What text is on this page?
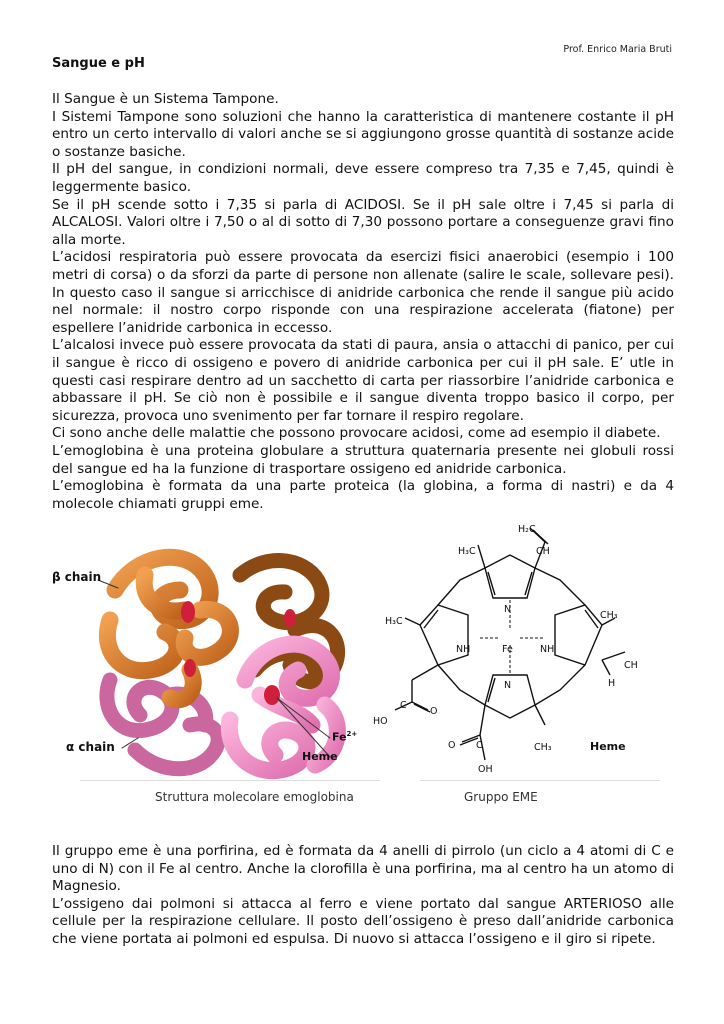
Prof. Enrico Maria Bruti
Sangue e pH

Il Sangue è un Sistema Tampone.

I Sistemi Tampone sono soluzioni che hanno la caratteristica di mantenere costante il pH entro un certo intervallo di valori anche se si aggiungono grosse quantità di sostanze acide o sostanze basiche.

Il pH del sangue, in condizioni normali, deve essere compreso tra 7,35 e 7,45, quindi è leggermente basico.

Se il pH scende sotto i 7,35 si parla di ACIDOSI. Se il pH sale oltre i 7,45 si parla di ALCALOSI. Valori oltre i 7,50 o al di sotto di 7,30 possono portare a conseguenze gravi fino alla morte.

L’acidosi respiratoria può essere provocata da esercizi fisici anaerobici (esempio i 100 metri di corsa) o da sforzi da parte di persone non allenate (salire le scale, sollevare pesi). In questo caso il sangue si arricchisce di anidride carbonica che rende il sangue più acido nel normale: il nostro corpo risponde con una respirazione accelerata (fiatone) per espellere l’anidride carbonica in eccesso.

L’alcalosi invece può essere provocata da stati di paura, ansia o attacchi di panico, per cui il sangue è ricco di ossigeno e povero di anidride carbonica per cui il pH sale. E’ utle in questi casi respirare dentro ad un sacchetto di carta per riassorbire l’anidride carbonica e abbassare il pH. Se ciò non è possibile e il sangue diventa troppo basico il corpo, per sicurezza, provoca uno svenimento per far tornare il respiro regolare.

Ci sono anche delle malattie che possono provocare acidosi, come ad esempio il diabete.

L’emoglobina è una proteina globulare a struttura quaternaria presente nei globuli rossi del sangue ed ha la funzione di trasportare ossigeno ed anidride carbonica.

L’emoglobina è formata da una parte proteica (la globina, a forma di nastri) e da 4 molecole chiamati gruppi eme.

β chain
α chain
$Fe^{2+}$
Heme
Struttura molecolare emoglobina
H₂C
CH
H₃C
H₃C
CH₃
CH
H
N
NH	Fe	NH
N
HO
C
O
O C
OH
CH₃	Heme
Gruppo EME

Il gruppo eme è una porfirina, ed è formata da 4 anelli di pirrolo (un ciclo a 4 atomi di C e uno di N) con il Fe al centro. Anche la clorofilla è una porfirina, ma al centro ha un atomo di Magnesio.

L’ossigeno dai polmoni si attacca al ferro e viene portato dal sangue ARTERIOSO alle cellule per la respirazione cellulare. Il posto dell’ossigeno è preso dall’anidride carbonica che viene portata ai polmoni ed espulsa. Di nuovo si attacca l’ossigeno e il giro si ripete.
